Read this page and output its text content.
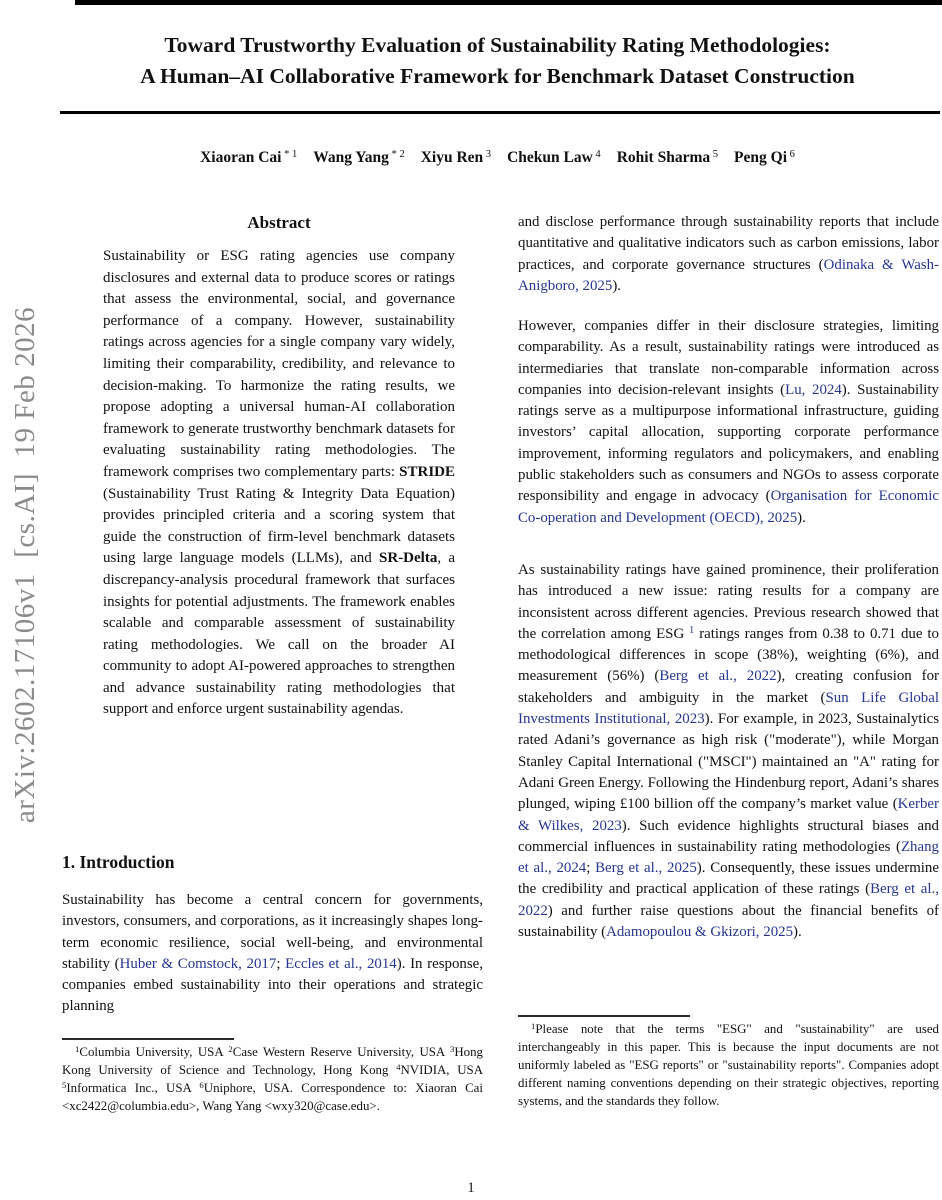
arXiv:2602.17106v1  [cs.AI]  19 Feb 2026
Toward Trustworthy Evaluation of Sustainability Rating Methodologies:
A Human–AI Collaborative Framework for Benchmark Dataset Construction
Xiaoran Cai $^{* 1}$ Wang Yang $^{* 2}$ Xiyu Ren $^3$ Chekun Law $^4$ Rohit Sharma $^5$ Peng Qi $^6$
Abstract
Sustainability or ESG rating agencies use company disclosures and external data to produce scores or ratings that assess the environmental, social, and governance performance of a company. However, sustainability ratings across agencies for a single company vary widely, limiting their comparability, credibility, and relevance to decision-making. To harmonize the rating results, we propose adopting a universal human-AI collaboration framework to generate trustworthy benchmark datasets for evaluating sustainability rating methodologies. The framework comprises two complementary parts: STRIDE (Sustainability Trust Rating & Integrity Data Equation) provides principled criteria and a scoring system that guide the construction of firm-level benchmark datasets using large language models (LLMs), and SR-Delta, a discrepancy-analysis procedural framework that surfaces insights for potential adjustments. The framework enables scalable and comparable assessment of sustainability rating methodologies. We call on the broader AI community to adopt AI-powered approaches to strengthen and advance sustainability rating methodologies that support and enforce urgent sustainability agendas.
1. Introduction
Sustainability has become a central concern for governments, investors, consumers, and corporations, as it increasingly shapes long-term economic resilience, social well-being, and environmental stability (Huber & Comstock, 2017; Eccles et al., 2014). In response, companies embed sustainability into their operations and strategic planning
$^1$Columbia University, USA $^2$Case Western Reserve University, USA $^3$Hong Kong University of Science and Technology, Hong Kong $^4$NVIDIA, USA $^5$Informatica Inc., USA $^6$Uniphore, USA. Correspondence to: Xiaoran Cai <xc2422@columbia.edu>, Wang Yang <wxy320@case.edu>.
and disclose performance through sustainability reports that include quantitative and qualitative indicators such as carbon emissions, labor practices, and corporate governance structures (Odinaka & Wash-Anigboro, 2025).
However, companies differ in their disclosure strategies, limiting comparability. As a result, sustainability ratings were introduced as intermediaries that translate non-comparable information across companies into decision-relevant insights (Lu, 2024). Sustainability ratings serve as a multipurpose informational infrastructure, guiding investors’ capital allocation, supporting corporate performance improvement, informing regulators and policymakers, and enabling public stakeholders such as consumers and NGOs to assess corporate responsibility and engage in advocacy (Organisation for Economic Co-operation and Development (OECD), 2025).
As sustainability ratings have gained prominence, their proliferation has introduced a new issue: rating results for a company are inconsistent across different agencies. Previous research showed that the correlation among ESG $^1$ ratings ranges from 0.38 to 0.71 due to methodological differences in scope (38%), weighting (6%), and measurement (56%) (Berg et al., 2022), creating confusion for stakeholders and ambiguity in the market (Sun Life Global Investments Institutional, 2023). For example, in 2023, Sustainalytics rated Adani’s governance as high risk ("moderate"), while Morgan Stanley Capital International ("MSCI") maintained an "A" rating for Adani Green Energy. Following the Hindenburg report, Adani’s shares plunged, wiping £100 billion off the company’s market value (Kerber & Wilkes, 2023). Such evidence highlights structural biases and commercial influences in sustainability rating methodologies (Zhang et al., 2024; Berg et al., 2025). Consequently, these issues undermine the credibility and practical application of these ratings (Berg et al., 2022) and further raise questions about the financial benefits of sustainability (Adamopoulou & Gkizori, 2025).
$^1$Please note that the terms "ESG" and "sustainability" are used interchangeably in this paper. This is because the input documents are not uniformly labeled as "ESG reports" or "sustainability reports". Companies adopt different naming conventions depending on their strategic objectives, reporting systems, and the standards they follow.
1
